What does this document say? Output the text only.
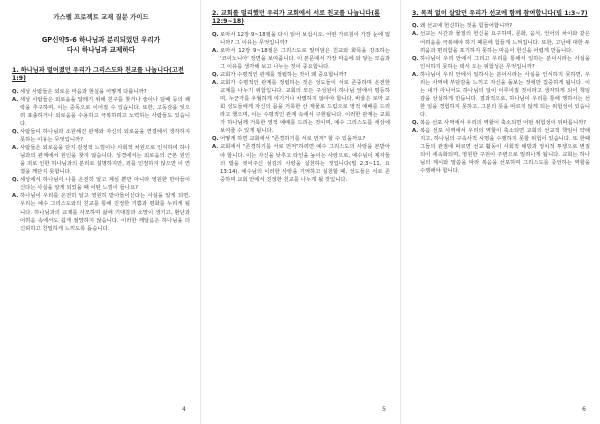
가스펠 프로젝트 교재 질문 가이드
GP신약5-6 하나님과 분리되었던 우리가
다시 하나님과 교제하다
1. 하나님과 멀어졌던 우리가 그리스도와 친교를 나눕니다(고전 1:9)
Q. 세상 사람들은 외로운 마음과 현실을 어떻게 다룹니까?
A. 세상 사람들은 외로움을 달래기 위해 친구를 찾거나 술이나 담배 등의 쾌락을 추구하며, 이는 중독으로 이어질 수 있습니다. 또한, 고독감을 잊으려 표출하거나 외로움을 수용하고 극복하려고 노력하는 사람들도 있습니다.
Q. 사람들이 하나님과 소원해진 관계와 자신의 외로움을 연결해서 생각하지 못하는 이유는 무엇입니까?
A. 사람들은 외로움을 단지 감정적 느낌이나 사회적 차원으로 인식하여 하나님과의 관계에서 원인을 찾지 않습니다. 성경에서는 외로움의 근본 원인을 죄로 인한 하나님과의 분리로 설명하지만, 죄를 인정하지 않으면 이 연결을 깨닫지 못합니다.
Q. 세상에서 하나님이 나를 온전히 알고 계심 뿐만 아니라 영원한 반아들이신다는 사실을 알게 되었을 때 어떤 느낌이 들나요?
A. 하나님이 우리를 온전히 알고 영원히 받아들이신다는 사실을 알게 되면, 우리는 예수 그리스도와의 친교를 통해 진정한 기쁨과 평화를 누리게 됩니다. 하나님과의 교제를 사모하며 삶에 기대감과 소망이 생기고, 환난과 어려움 속에서도 쉽게 절망하지 않습니다. 이러한 깨달음은 하나님을 더 신뢰하고 친밀하게 느끼도록 돕습니다.
4
2. 교회를 멀리했던 우리가 교회에서 서로 친교를 나눕니다(롬 12:9~18)
Q. 로마서 12장 9~18절을 다시 읽어 보십시오. 어떤 가르침이 가장 눈에 띕니까? 그 이유는 무엇입니까?
A. 로마서 12장 9~18절은 그리스도로 말미암은 친교와 화목을 강조하는 '코이노니아' 장면을 보여줍니다. 이 본문에서 가장 마음에 와 닿는 모습과 그 이유를 생각해 보고 나누는 것이 중요합니다.
Q. 교회가 수평적인 관계를 정립하는 것이 왜 중요합니까?
A. 교회가 수평적인 관계를 정립하는 것은 성도들이 서로 존중하며 온전한 교제를 나누기 위함입니다. 교회의 모든 구성원이 하나님 앞에서 평등하며, 누군가를 우월하게 여기거나 차별하지 않아야 합니다. 바울은 로마 교회 성도들에게 자신의 몸을 거룩한 산 제물로 드림으로 영적 예배를 드리라고 했으며, 이는 수평적인 관계 속에서 구현됩니다. 이러한 관계는 교회가 하나님께 거룩한 영적 예배를 드리는 것이며, 예수 그리스도를 세상에 보여줄 수 있게 됩니다.
Q. 어떻게 하면 교회에서 "존경하기를 서로 먼저" 할 수 있을까요?
A. 교회에서 "존경하기를 서로 먼저"하려면 예수 그리스도의 사랑을 본받아야 합니다. 이는 자신을 낮추고 타인을 높이는 사랑으로, 예수님이 제자들의 발을 씻어주신 섬김의 사랑을 실천하는 것입니다(빌 2:3~11, 요 13:14). 예수님의 이러한 사랑을 기억하고 실천할 때, 성도들은 서로 존중하며 교회 안에서 진정한 친교를 나누게 될 것입니다.
5
3. 목적 없이 살았던 우리가 선교에 함께 참여합니다(빌 1:3~7)
Q. 왜 선교에 헌신하는 것을 힘들어합니까?
A. 선교는 시간과 물질의 헌신을 요구하며, 문화, 음식, 언어의 차이와 같은 어려움을 극복해야 하기 때문에 힘들게 느껴집니다. 또한, 고난에 대한 두려움과 편리함을 포기하지 못하는 마음이 헌신을 어렵게 만듭니다.
Q. 하나님이 우리 안에서 그리고 우리를 통해서 일하는 분이시라는 사실을 인식하지 못하는 데서 오는 위험성은 무엇입니까?
A. 하나님이 우리 안에서 일하시는 분이시라는 사실을 인식하지 못하면, 우리는 사역에 부담감을 느끼고 자신을 돌보는 것에만 집중하게 됩니다. 이는 내가 아니어도 하나님의 일이 이루어질 것이라고 생각하게 되어 책임감을 상실하게 만듭니다. 결과적으로, 하나님이 우리를 통해 행하시는 선한 일을 경험하지 못하고, 그분의 뜻을 따르지 않게 되는 위험성이 있습니다.
Q. 복음 선포 사역에서 우리의 역할이 축소되면 어떤 위험성이 뒤따릅니까?
A. 복음 선포 사역에서 우리의 역할이 축소되면 교회의 선교적 책임이 약해지고, 하나님의 구속사적 사명을 수행하지 못할 위험이 있습니다. 또 한때 그들의 관점에 따르면 선교 활동이 사회적 해방과 정치적 투쟁으로 변질되어 세속화되며, 영원한 구원이 주변으로 밀려나게 됩니다. 교회는 하나님의 계시와 말씀을 따라 복음을 선포하며 그리스도를 증언하는 역할을 수행해야 합니다.
6
